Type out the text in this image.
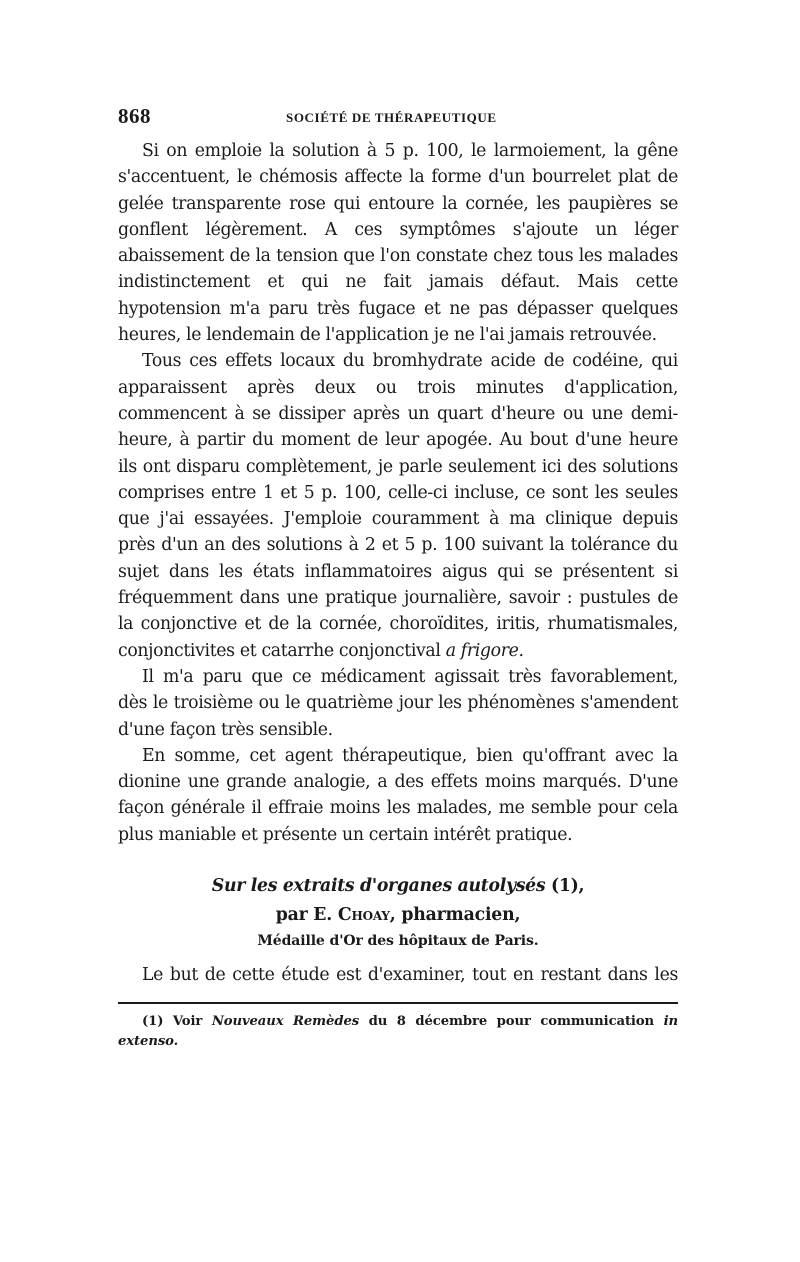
868	SOCIÉTÉ DE THÉRAPEUTIQUE

Si on emploie la solution à 5 p. 100, le larmoiement, la gêne s'accentuent, le chémosis affecte la forme d'un bourrelet plat de gelée transparente rose qui entoure la cornée, les paupières se gonflent légèrement. A ces symptômes s'ajoute un léger abaissement de la tension que l'on constate chez tous les malades indistinctement et qui ne fait jamais défaut. Mais cette hypotension m'a paru très fugace et ne pas dépasser quelques heures, le lendemain de l'application je ne l'ai jamais retrouvée.

Tous ces effets locaux du bromhydrate acide de codéine, qui apparaissent après deux ou trois minutes d'application, commencent à se dissiper après un quart d'heure ou une demi-heure, à partir du moment de leur apogée. Au bout d'une heure ils ont disparu complètement, je parle seulement ici des solutions comprises entre 1 et 5 p. 100, celle-ci incluse, ce sont les seules que j'ai essayées. J'emploie couramment à ma clinique depuis près d'un an des solutions à 2 et 5 p. 100 suivant la tolérance du sujet dans les états inflammatoires aigus qui se présentent si fréquemment dans une pratique journalière, savoir : pustules de la conjonctive et de la cornée, choroïdites, iritis, rhumatismales, conjonctivites et catarrhe conjonctival a frigore.

Il m'a paru que ce médicament agissait très favorablement, dès le troisième ou le quatrième jour les phénomènes s'amendent d'une façon très sensible.

En somme, cet agent thérapeutique, bien qu'offrant avec la dionine une grande analogie, a des effets moins marqués. D'une façon générale il effraie moins les malades, me semble pour cela plus maniable et présente un certain intérêt pratique.

Sur les extraits d'organes autolysés (1),
par E. Choay, pharmacien,
Médaille d'Or des hôpitaux de Paris.

Le but de cette étude est d'examiner, tout en restant dans les

(1) Voir Nouveaux Remèdes du 8 décembre pour communication in extenso.
